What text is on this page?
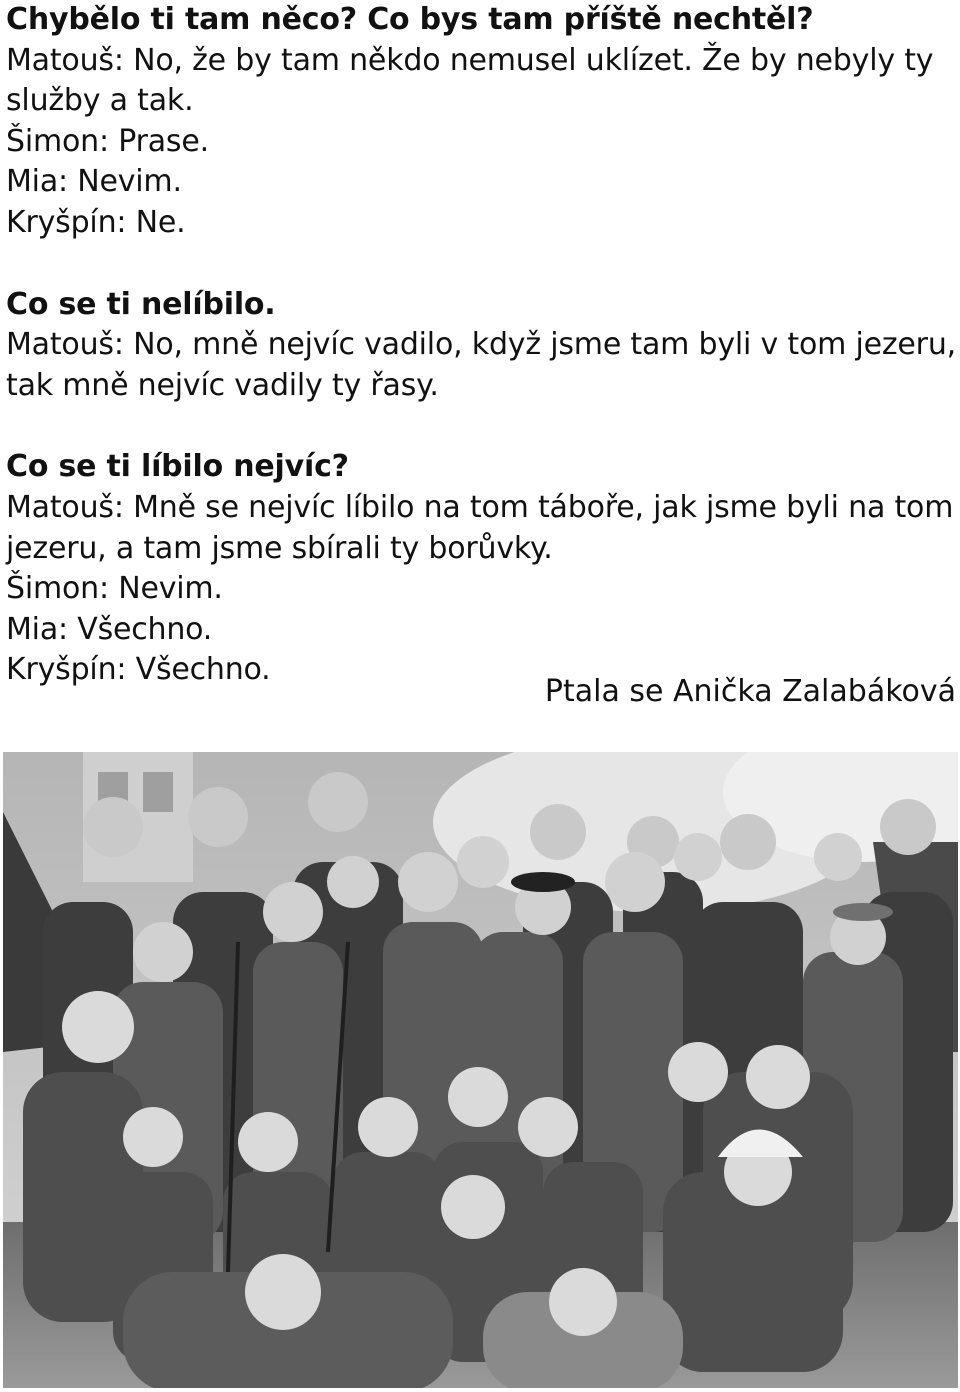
Chybělo ti tam něco? Co bys tam příště nechtěl?
Matouš: No, že by tam někdo nemusel uklízet. Že by nebyly ty
služby a tak.
Šimon: Prase.
Mia: Nevim.
Kryšpín: Ne.
Co se ti nelíbilo.
Matouš: No, mně nejvíc vadilo, když jsme tam byli v tom jezeru,
tak mně nejvíc vadily ty řasy.
Co se ti líbilo nejvíc?
Matouš: Mně se nejvíc líbilo na tom táboře, jak jsme byli na tom
jezeru, a tam jsme sbírali ty borůvky.
Šimon: Nevim.
Mia: Všechno.
Kryšpín: Všechno.
Ptala se Anička Zalabáková
